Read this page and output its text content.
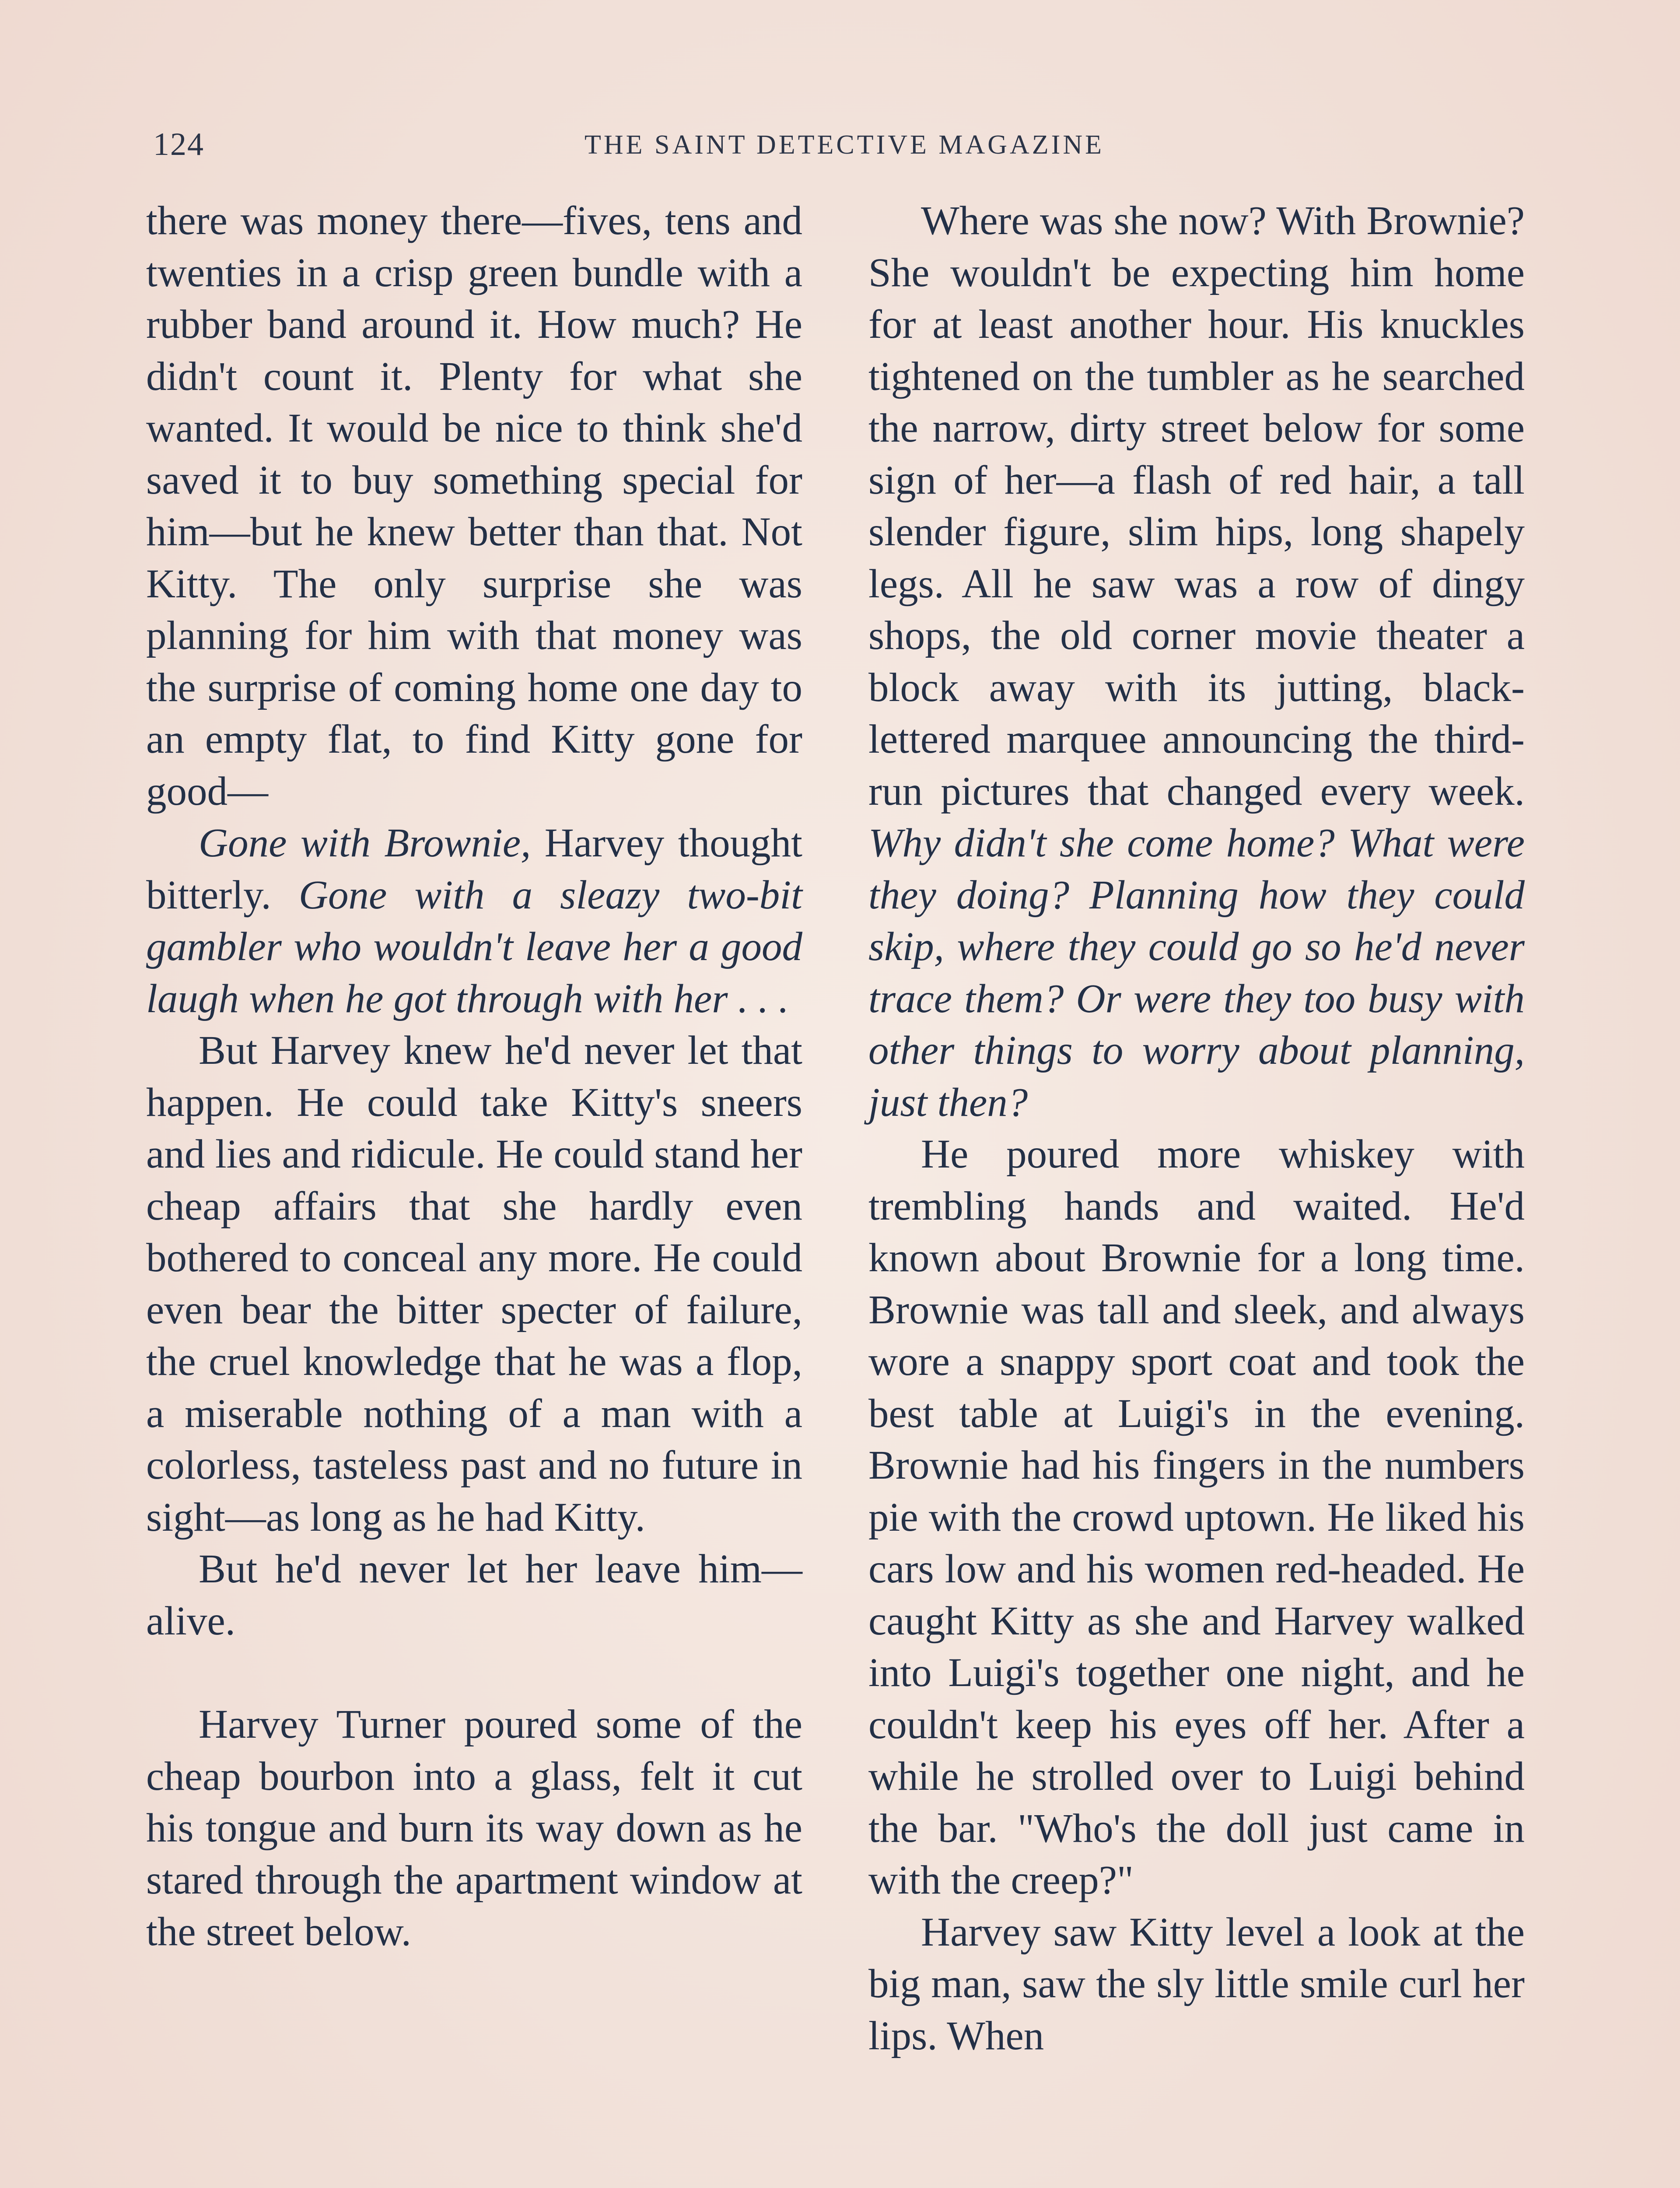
124	THE SAINT DETECTIVE MAGAZINE

there was money there—fives, tens and twenties in a crisp green bundle with a rubber band around it. How much? He didn't count it. Plenty for what she wanted. It would be nice to think she'd saved it to buy something special for him—but he knew better than that. Not Kitty. The only surprise she was planning for him with that money was the surprise of coming home one day to an empty flat, to find Kitty gone for good—

Gone with Brownie, Harvey thought bitterly. Gone with a sleazy two-bit gambler who wouldn't leave her a good laugh when he got through with her . . .

But Harvey knew he'd never let that happen. He could take Kitty's sneers and lies and ridicule. He could stand her cheap affairs that she hardly even bothered to conceal any more. He could even bear the bitter specter of failure, the cruel knowledge that he was a flop, a miserable nothing of a man with a colorless, tasteless past and no future in sight—as long as he had Kitty.

But he'd never let her leave him—alive.

Harvey Turner poured some of the cheap bourbon into a glass, felt it cut his tongue and burn its way down as he stared through the apartment window at the street below.

Where was she now? With Brownie? She wouldn't be expecting him home for at least another hour. His knuckles tightened on the tumbler as he searched the narrow, dirty street below for some sign of her—a flash of red hair, a tall slender figure, slim hips, long shapely legs. All he saw was a row of dingy shops, the old corner movie theater a block away with its jutting, black-lettered marquee announcing the third-run pictures that changed every week. Why didn't she come home? What were they doing? Planning how they could skip, where they could go so he'd never trace them? Or were they too busy with other things to worry about planning, just then?

He poured more whiskey with trembling hands and waited. He'd known about Brownie for a long time. Brownie was tall and sleek, and always wore a snappy sport coat and took the best table at Luigi's in the evening. Brownie had his fingers in the numbers pie with the crowd uptown. He liked his cars low and his women red-headed. He caught Kitty as she and Harvey walked into Luigi's together one night, and he couldn't keep his eyes off her. After a while he strolled over to Luigi behind the bar. "Who's the doll just came in with the creep?"

Harvey saw Kitty level a look at the big man, saw the sly little smile curl her lips. When
